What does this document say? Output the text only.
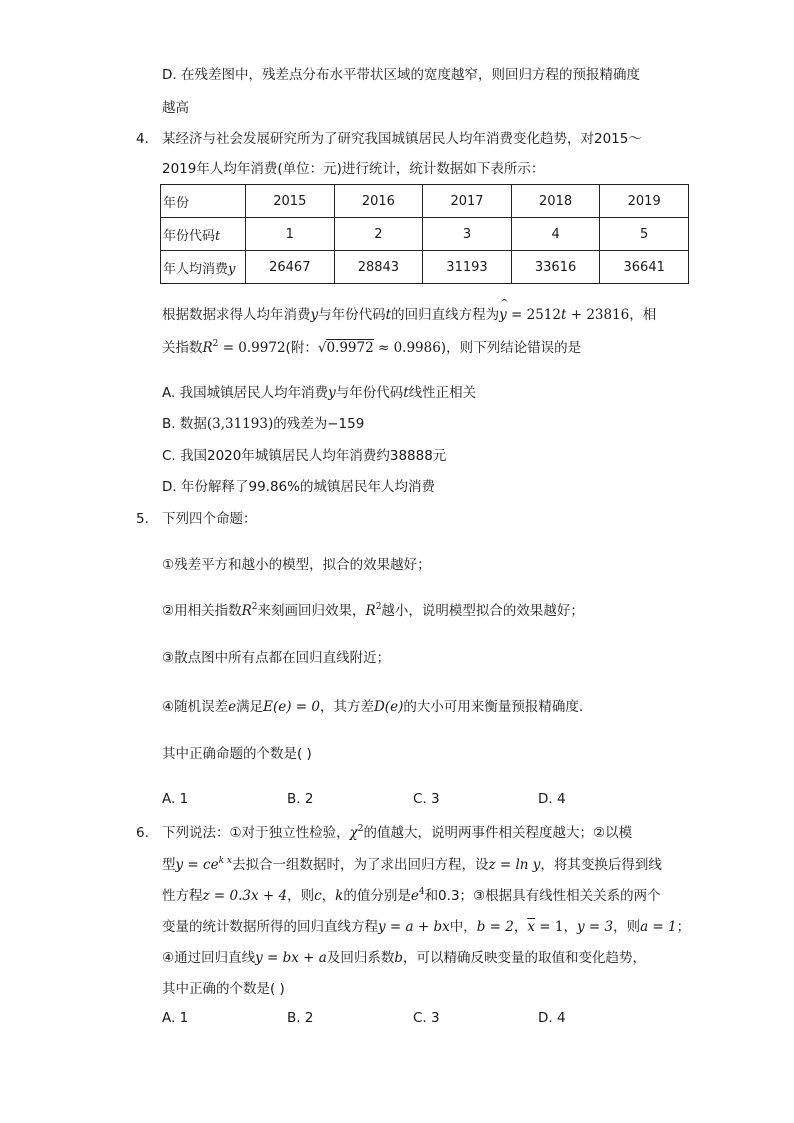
D. 在残差图中，残差点分布水平带状区域的宽度越窄，则回归方程的预报精确度
越高
4. 某经济与社会发展研究所为了研究我国城镇居民人均年消费变化趋势，对2015～
2019年人均年消费(单位：元)进行统计，统计数据如下表所示：
年份	2015	2016	2017	2018	2019
年份代码t	1	2	3	4	5
年人均消费y	26467	28843	31193	33616	36641
根据数据求得人均年消费y与年份代码t的回归直线方程为^ y = 2512t + 23816，相
关指数$R^2 = 0.9972$(附：√0.9972 ≈ 0.9986)，则下列结论错误的是
A. 我国城镇居民人均年消费y与年份代码t线性正相关
B. 数据(3,31193)的残差为−159
C. 我国2020年城镇居民人均年消费约38888元
D. 年份解释了99.86%的城镇居民年人均消费
5. 下列四个命题：
①残差平方和越小的模型，拟合的效果越好；
②用相关指数$R^2$来刻画回归效果，$R^2$越小，说明模型拟合的效果越好；
③散点图中所有点都在回归直线附近；
④随机误差e满足E(e) = 0，其方差D(e)的大小可用来衡量预报精确度.
其中正确命题的个数是( )
A. 1	B. 2	C. 3	D. 4
6. 下列说法：①对于独立性检验，$\chi^2$的值越大，说明两事件相关程度越大；②以模
型$y = ce^{k x}$去拟合一组数据时，为了求出回归方程，设z = ln y，将其变换后得到线
性方程z = 0.3x + 4，则c，k的值分别是$e^4$和0.3；③根据具有线性相关关系的两个
变量的统计数据所得的回归直线方程y = a + bx中，b = 2，$\overline{x} = 1$，y = 3，则a = 1；
④通过回归直线y = bx + a及回归系数b，可以精确反映变量的取值和变化趋势，
其中正确的个数是( )
A. 1	B. 2	C. 3	D. 4
